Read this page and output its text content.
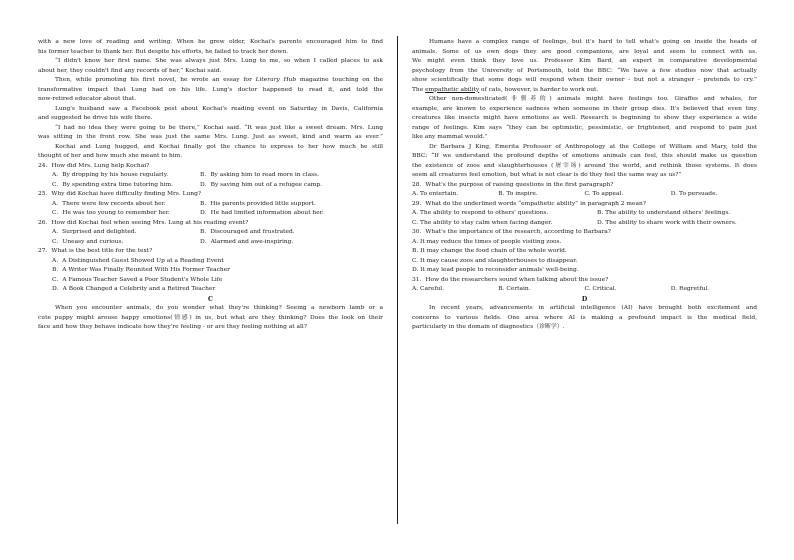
with a new love of reading and writing. When he grew older, Kochai's parents encouraged him to find
his former teacher to thank her. But despite his efforts, he failed to track her down.
“I didn't know her first name. She was always just Mrs. Lung to me, so when I called places to ask
about her, they couldn't find any records of her,” Kochai said.
Then, while promoting his first novel, he wrote an essay for Literary Hub magazine touching on the
transformative impact that Lung had on his life. Lung's doctor happened to read it, and told the
now-retired educator about that.
Lung's husband saw a Facebook post about Kochai's reading event on Saturday in Davis, California
and suggested he drive his wife there.
“I had no idea they were going to be there,” Kochai said. “It was just like a sweet dream. Mrs. Lung
was sitting in the front row. She was just the same Mrs. Lung. Just as sweet, kind and warm as ever.”
Kochai and Lung hugged, and Kochai finally got the chance to express to her how much he still
thought of her and how much she meant to him.
24．How did Mrs. Lung help Kochai?
A．By dropping by his house regularly.	B．By asking him to read more in class.
C．By spending extra time tutoring him.	D．By saving him out of a refugee camp.
25．Why did Kochai have difficulty finding Mrs. Lung?
A．There were few records about her.	B．His parents provided little support.
C．He was too young to remember her.	D．He had limited information about her.
26．How did Kochai feel when seeing Mrs. Lung at his reading event?
A．Surprised and delighted.	B．Discouraged and frustrated.
C．Uneasy and curious.	D．Alarmed and awe-inspiring.
27．What is the best title for the text?
A．A Distinguished Guest Showed Up at a Reading Event
B．A Writer Was Finally Reunited With His Former Teacher
C．A Famous Teacher Saved a Poor Student's Whole Life
D．A Book Changed a Celebrity and a Retired Teacher
C
When you encounter animals, do you wonder what they're thinking? Seeing a newborn lamb or a
cute puppy might arouse happy emotions(情感) in us, but what are they thinking? Does the look on their
face and how they behave indicate how they're feeling - or are they feeling nothing at all?
Humans have a complex range of feelings, but it's hard to tell what's going on inside the heads of
animals. Some of us own dogs they are good companions, are loyal and seem to connect with us.
We might even think they love us. Professor Kim Bard, an expert in comparative developmental
psychology from the University of Portsmouth, told the BBC: “We have a few studies now that actually
show scientifically that some dogs will respond when their owner - but not a stranger - pretends to cry.”
The empathetic ability of cats, however, is harder to work out.
Other non-domesticated(非驯养的) animals might have feelings too. Giraffes and whales, for
example, are known to experience sadness when someone in their group dies. It's believed that even tiny
creatures like insects might have emotions as well. Research is beginning to show they experience a wide
range of feelings. Kim says “they can be optimistic, pessimistic, or frightened, and respond to pain just
like any mammal would.”
Dr Barbara J King, Emerita Professor of Anthropology at the College of William and Mary, told the
BBC: “If we understand the profound depths of emotions animals can feel, this should make us question
the existence of zoos and slaughterhouses (屠宰场) around the world, and rethink those systems. It does
seem all creatures feel emotion, but what is not clear is do they feel the same way as us?”
28．What's the purpose of raising questions in the first paragraph?
A. To entertain.	B. To inspire.	C. To appeal.	D. To persuade.
29．What do the underlined words “empathetic ability” in paragraph 2 mean?
A. The ability to respond to others' questions.	B. The ability to understand others' feelings.
C. The ability to stay calm when facing danger.	D. The ability to share work with their owners.
30．What's the importance of the research, according to Barbara?
A. It may reduce the times of people visiting zoos.
B. It may change the food chain of the whole world.
C. It may cause zoos and slaughterhouses to disappear.
D. It may lead people to reconsider animals' well-being.
31．How do the researchers sound when talking about the issue?
A. Careful.	B. Certain.	C. Critical.	D. Regretful.
D
In recent years, advancements in artificial intelligence (AI) have brought both excitement and
concerns to various fields. One area where AI is making a profound impact is the medical field,
particularly in the domain of diagnostics（诊断学）.
